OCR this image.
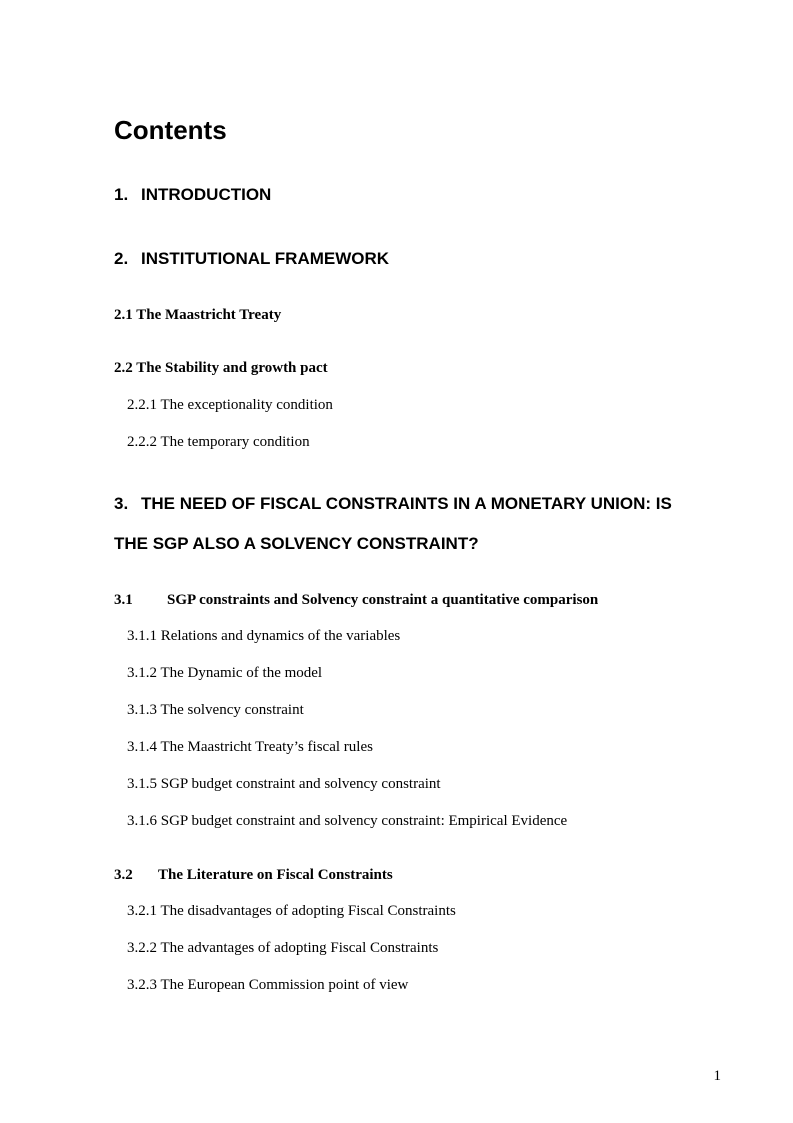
Contents
1. INTRODUCTION
2. INSTITUTIONAL FRAMEWORK
2.1 The Maastricht Treaty
2.2 The Stability and growth pact
2.2.1 The exceptionality condition
2.2.2 The temporary condition
3. THE NEED OF FISCAL CONSTRAINTS IN A MONETARY UNION: IS
THE SGP ALSO A SOLVENCY CONSTRAINT?
3.1 SGP constraints and Solvency constraint a quantitative comparison
3.1.1 Relations and dynamics of the variables
3.1.2 The Dynamic of the model
3.1.3 The solvency constraint
3.1.4 The Maastricht Treaty’s fiscal rules
3.1.5 SGP budget constraint and solvency constraint
3.1.6 SGP budget constraint and solvency constraint: Empirical Evidence
3.2 The Literature on Fiscal Constraints
3.2.1 The disadvantages of adopting Fiscal Constraints
3.2.2 The advantages of adopting Fiscal Constraints
3.2.3 The European Commission point of view
1
